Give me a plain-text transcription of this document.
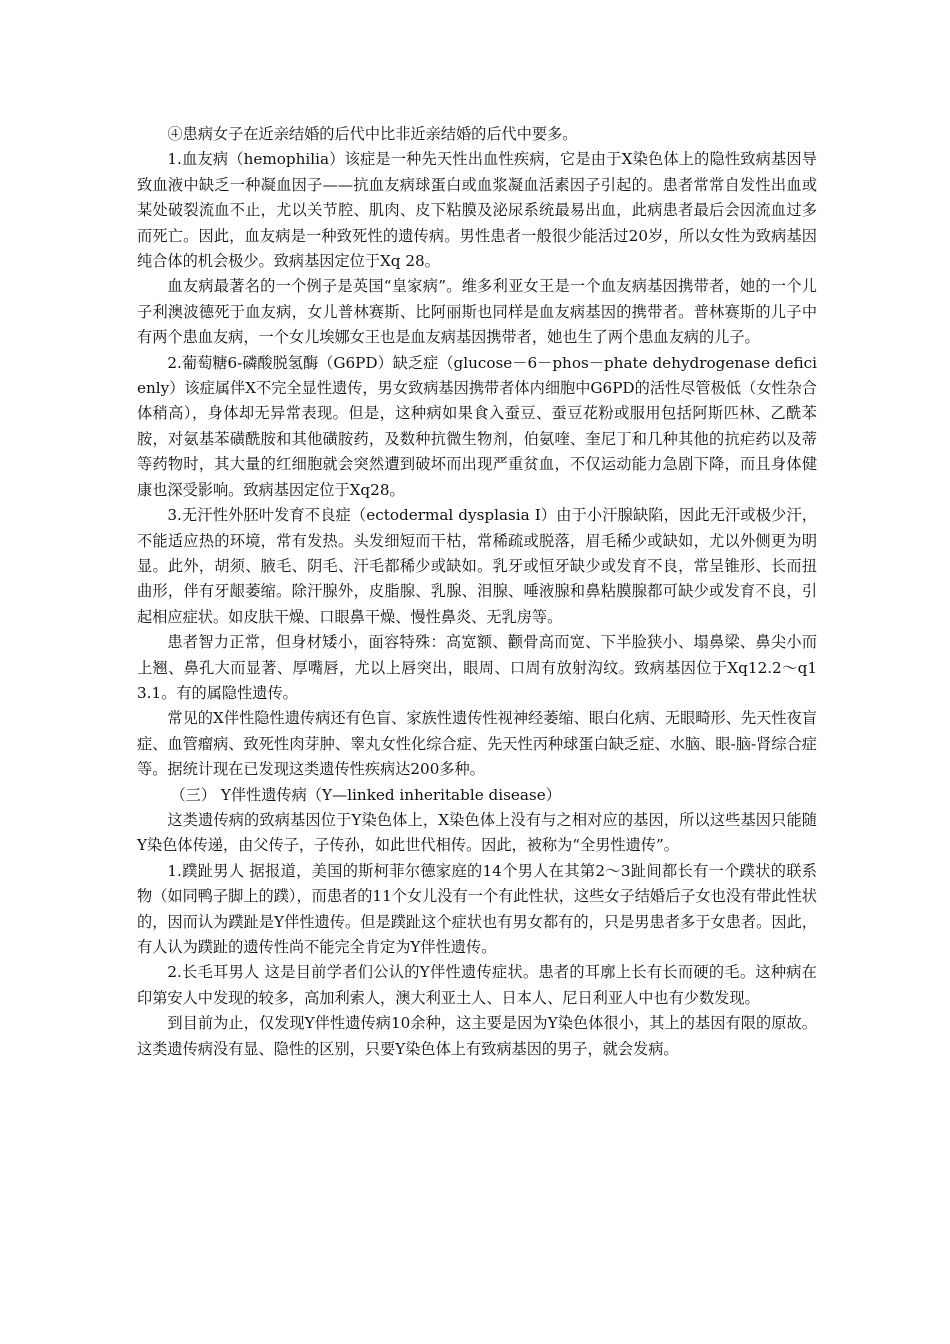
④患病女子在近亲结婚的后代中比非近亲结婚的后代中要多。

1.血友病（hemophilia）该症是一种先天性出血性疾病，它是由于X染色体上的隐性致病基因导致血液中缺乏一种凝血因子——抗血友病球蛋白或血浆凝血活素因子引起的。患者常常自发性出血或某处破裂流血不止，尤以关节腔、肌肉、皮下粘膜及泌尿系统最易出血，此病患者最后会因流血过多而死亡。因此，血友病是一种致死性的遗传病。男性患者一般很少能活过20岁，所以女性为致病基因纯合体的机会极少。致病基因定位于Xq 28。

血友病最著名的一个例子是英国“皇家病”。维多利亚女王是一个血友病基因携带者，她的一个儿子利澳波德死于血友病，女儿普林赛斯、比阿丽斯也同样是血友病基因的携带者。普林赛斯的儿子中有两个患血友病，一个女儿埃娜女王也是血友病基因携带者，她也生了两个患血友病的儿子。

2.葡萄糖6-磷酸脱氢酶（G6PD）缺乏症（glucose－6－phos－phate dehydrogenase deficienly）该症属伴X不完全显性遗传，男女致病基因携带者体内细胞中G6PD的活性尽管极低（女性杂合体稍高），身体却无异常表现。但是，这种病如果食入蚕豆、蚕豆花粉或服用包括阿斯匹林、乙酰苯胺，对氨基苯磺酰胺和其他磺胺药，及数种抗微生物剂，伯氨喹、奎尼丁和几种其他的抗疟药以及蒂等药物时，其大量的红细胞就会突然遭到破坏而出现严重贫血，不仅运动能力急剧下降，而且身体健康也深受影响。致病基因定位于Xq28。

3.无汗性外胚叶发育不良症（ectodermal dysplasia I）由于小汗腺缺陷，因此无汗或极少汗，不能适应热的环境，常有发热。头发细短而干枯，常稀疏或脱落，眉毛稀少或缺如，尤以外侧更为明显。此外，胡须、腋毛、阴毛、汗毛都稀少或缺如。乳牙或恒牙缺少或发育不良，常呈锥形、长而扭曲形，伴有牙龈萎缩。除汗腺外，皮脂腺、乳腺、泪腺、唾液腺和鼻粘膜腺都可缺少或发育不良，引起相应症状。如皮肤干燥、口眼鼻干燥、慢性鼻炎、无乳房等。

患者智力正常，但身材矮小，面容特殊：高宽额、颧骨高而宽、下半脸狭小、塌鼻梁、鼻尖小而上翘、鼻孔大而显著、厚嘴唇，尤以上唇突出，眼周、口周有放射沟纹。致病基因位于Xq12.2～q13.1。有的属隐性遗传。

常见的X伴性隐性遗传病还有色盲、家族性遗传性视神经萎缩、眼白化病、无眼畸形、先天性夜盲症、血管瘤病、致死性肉芽肿、睾丸女性化综合症、先天性丙种球蛋白缺乏症、水脑、眼-脑-肾综合症等。据统计现在已发现这类遗传性疾病达200多种。

（三） Y伴性遗传病（Y—linked inheritable disease）

这类遗传病的致病基因位于Y染色体上，X染色体上没有与之相对应的基因，所以这些基因只能随Y染色体传递，由父传子，子传孙，如此世代相传。因此，被称为“全男性遗传”。

1.蹼趾男人 据报道，美国的斯柯菲尔德家庭的14个男人在其第2～3趾间都长有一个蹼状的联系物（如同鸭子脚上的蹼），而患者的11个女儿没有一个有此性状，这些女子结婚后子女也没有带此性状的，因而认为蹼趾是Y伴性遗传。但是蹼趾这个症状也有男女都有的，只是男患者多于女患者。因此，有人认为蹼趾的遗传性尚不能完全肯定为Y伴性遗传。

2.长毛耳男人 这是目前学者们公认的Y伴性遗传症状。患者的耳廓上长有长而硬的毛。这种病在印第安人中发现的较多，高加利索人，澳大利亚土人、日本人、尼日利亚人中也有少数发现。

到目前为止，仅发现Y伴性遗传病10余种，这主要是因为Y染色体很小，其上的基因有限的原故。这类遗传病没有显、隐性的区别，只要Y染色体上有致病基因的男子，就会发病。
